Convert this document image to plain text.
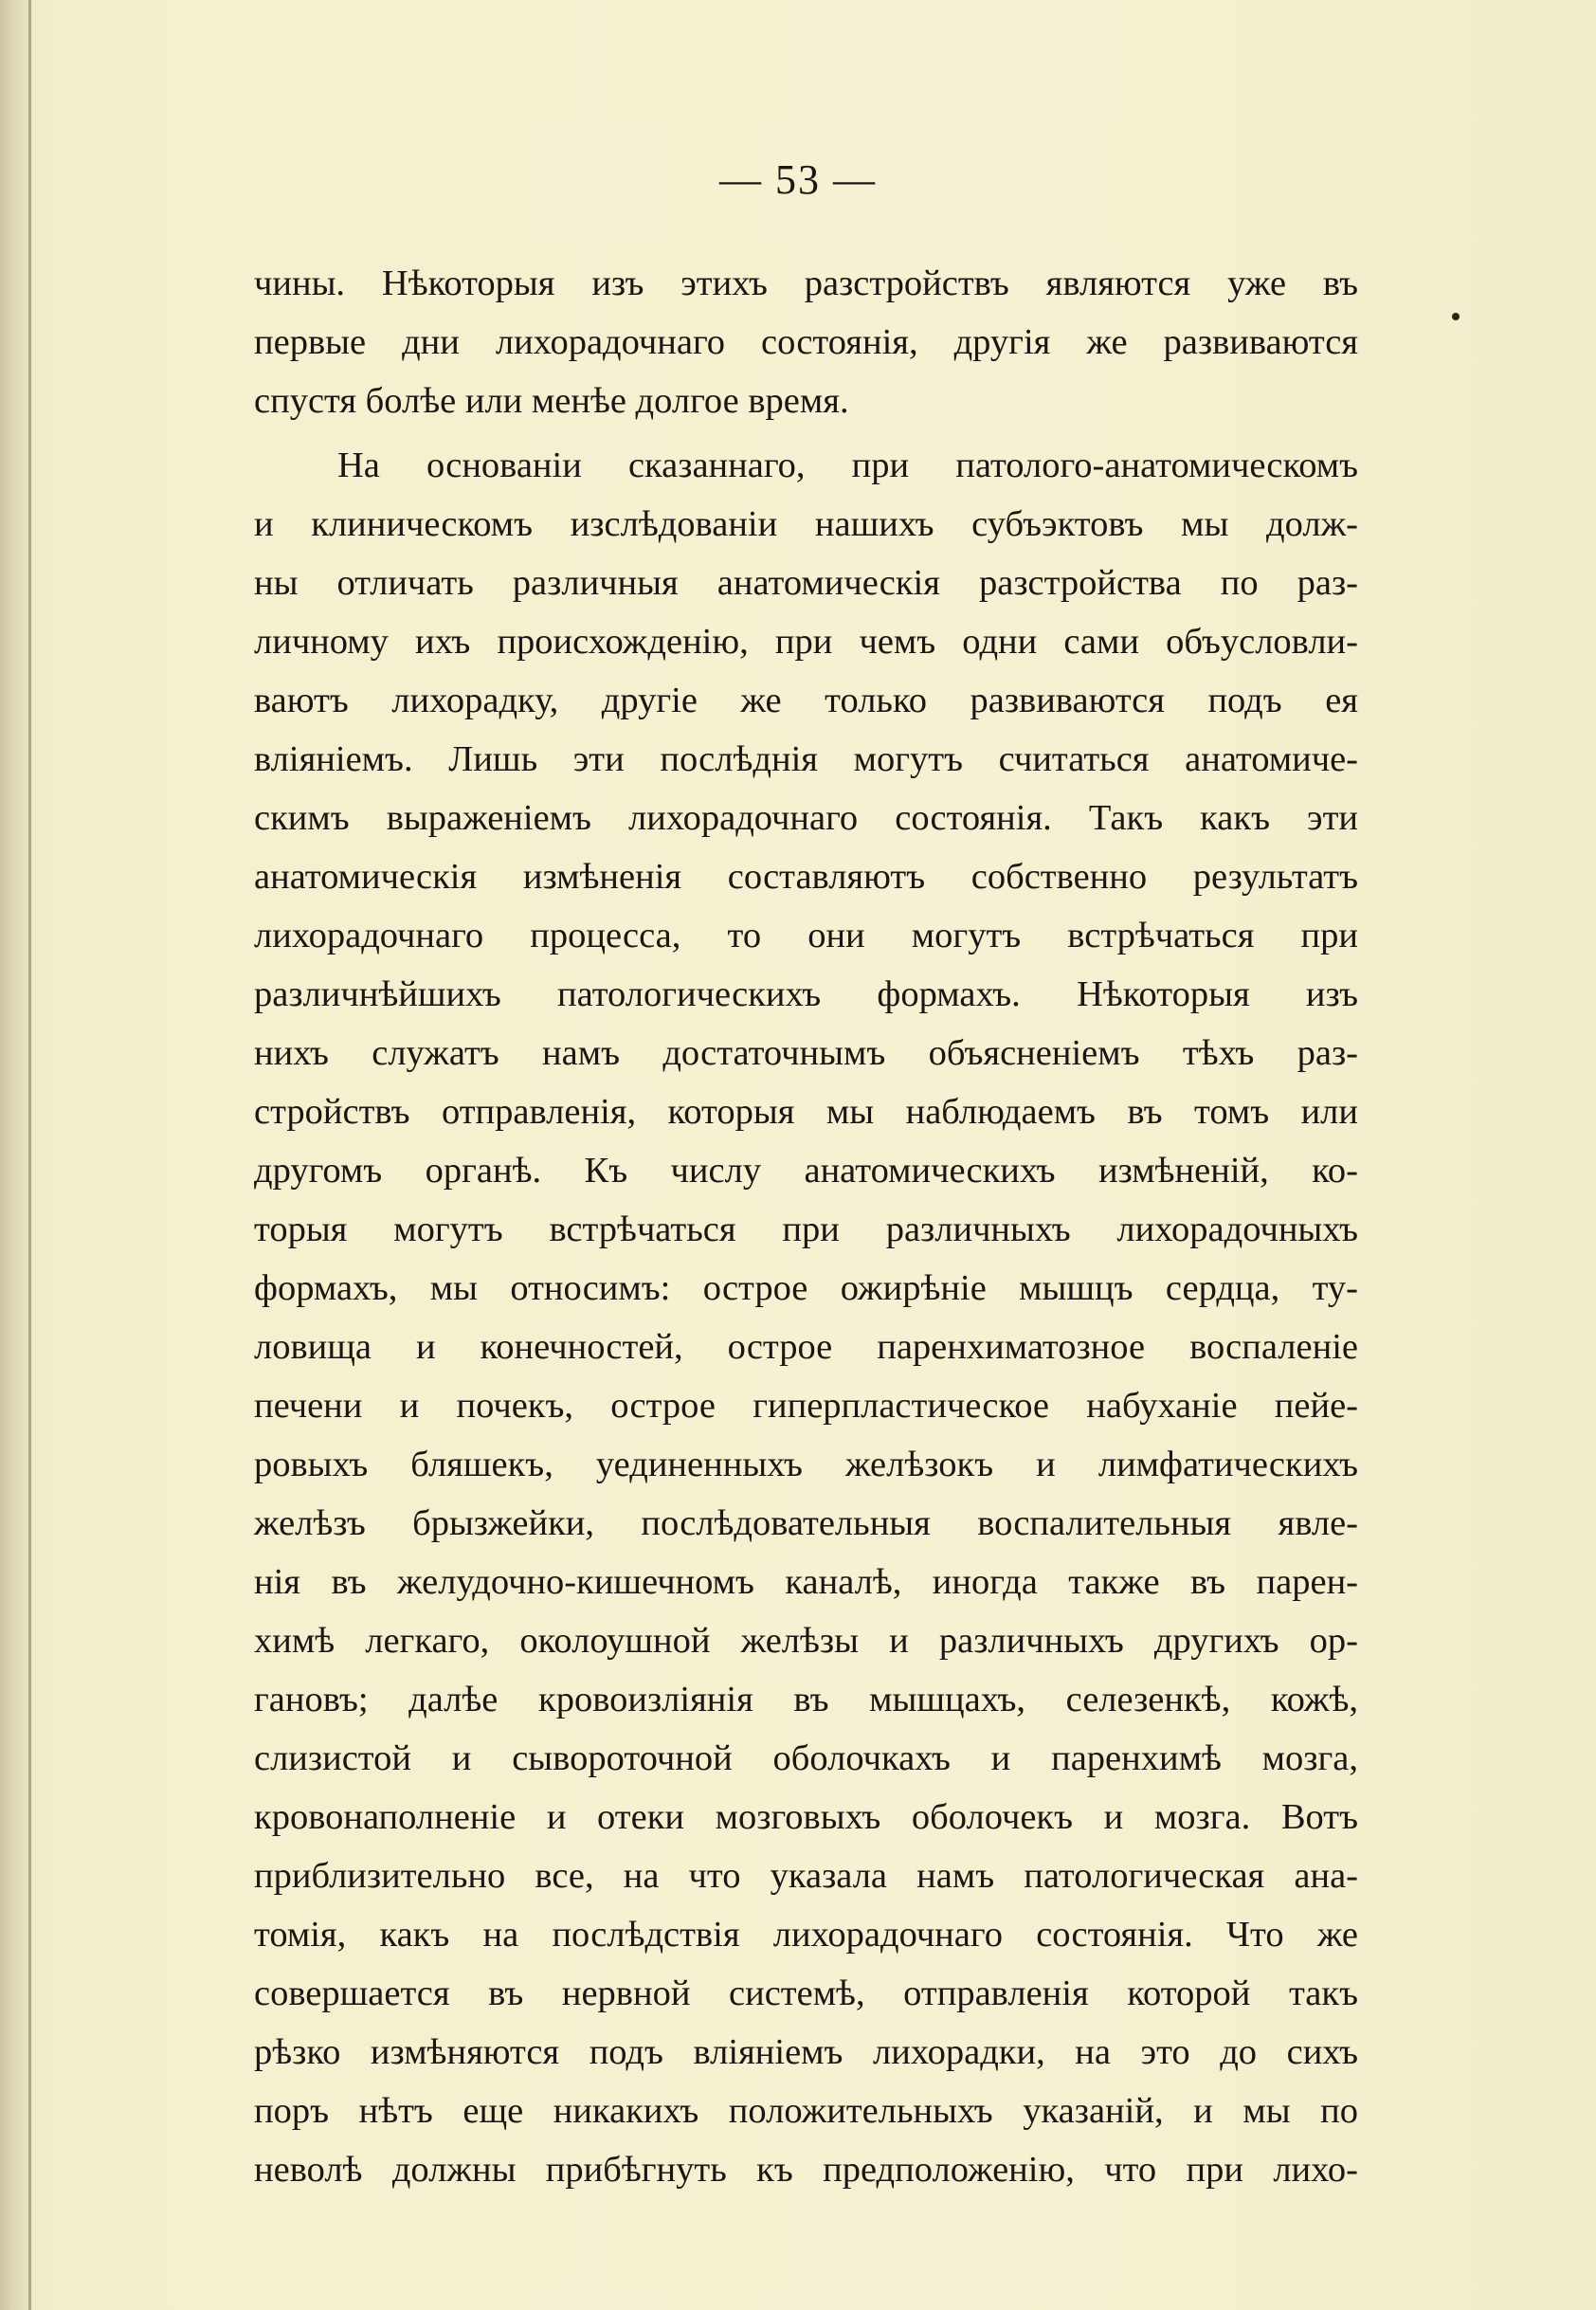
— 53 —
чины. Нѣкоторыя изъ этихъ разстройствъ являются уже въ
первые дни лихорадочнаго состоянія, другія же развиваются
спустя болѣе или менѣе долгое время.
На основаніи сказаннаго, при патолого-анатомическомъ
и клиническомъ изслѣдованіи нашихъ субъэктовъ мы долж-
ны отличать различныя анатомическія разстройства по раз-
личному ихъ происхожденію, при чемъ одни сами объусловли-
ваютъ лихорадку, другіе же только развиваются подъ ея
вліяніемъ. Лишь эти послѣднія могутъ считаться анатомиче-
скимъ выраженіемъ лихорадочнаго состоянія. Такъ какъ эти
анатомическія измѣненія составляютъ собственно результатъ
лихорадочнаго процесса, то они могутъ встрѣчаться при
различнѣйшихъ патологическихъ формахъ. Нѣкоторыя изъ
нихъ служатъ намъ достаточнымъ объясненіемъ тѣхъ раз-
стройствъ отправленія, которыя мы наблюдаемъ въ томъ или
другомъ органѣ. Къ числу анатомическихъ измѣненій, ко-
торыя могутъ встрѣчаться при различныхъ лихорадочныхъ
формахъ, мы относимъ: острое ожирѣніе мышцъ сердца, ту-
ловища и конечностей, острое паренхиматозное воспаленіе
печени и почекъ, острое гиперпластическое набуханіе пейе-
ровыхъ бляшекъ, уединенныхъ желѣзокъ и лимфатическихъ
желѣзъ брызжейки, послѣдовательныя воспалительныя явле-
нія въ желудочно-кишечномъ каналѣ, иногда также въ парен-
химѣ легкаго, околоушной желѣзы и различныхъ другихъ ор-
гановъ; далѣе кровоизліянія въ мышцахъ, селезенкѣ, кожѣ,
слизистой и сывороточной оболочкахъ и паренхимѣ мозга,
кровонаполненіе и отеки мозговыхъ оболочекъ и мозга. Вотъ
приблизительно все, на что указала намъ патологическая ана-
томія, какъ на послѣдствія лихорадочнаго состоянія. Что же
совершается въ нервной системѣ, отправленія которой такъ
рѣзко измѣняются подъ вліяніемъ лихорадки, на это до сихъ
поръ нѣтъ еще никакихъ положительныхъ указаній, и мы по
неволѣ должны прибѣгнуть къ предположенію, что при лихо-
